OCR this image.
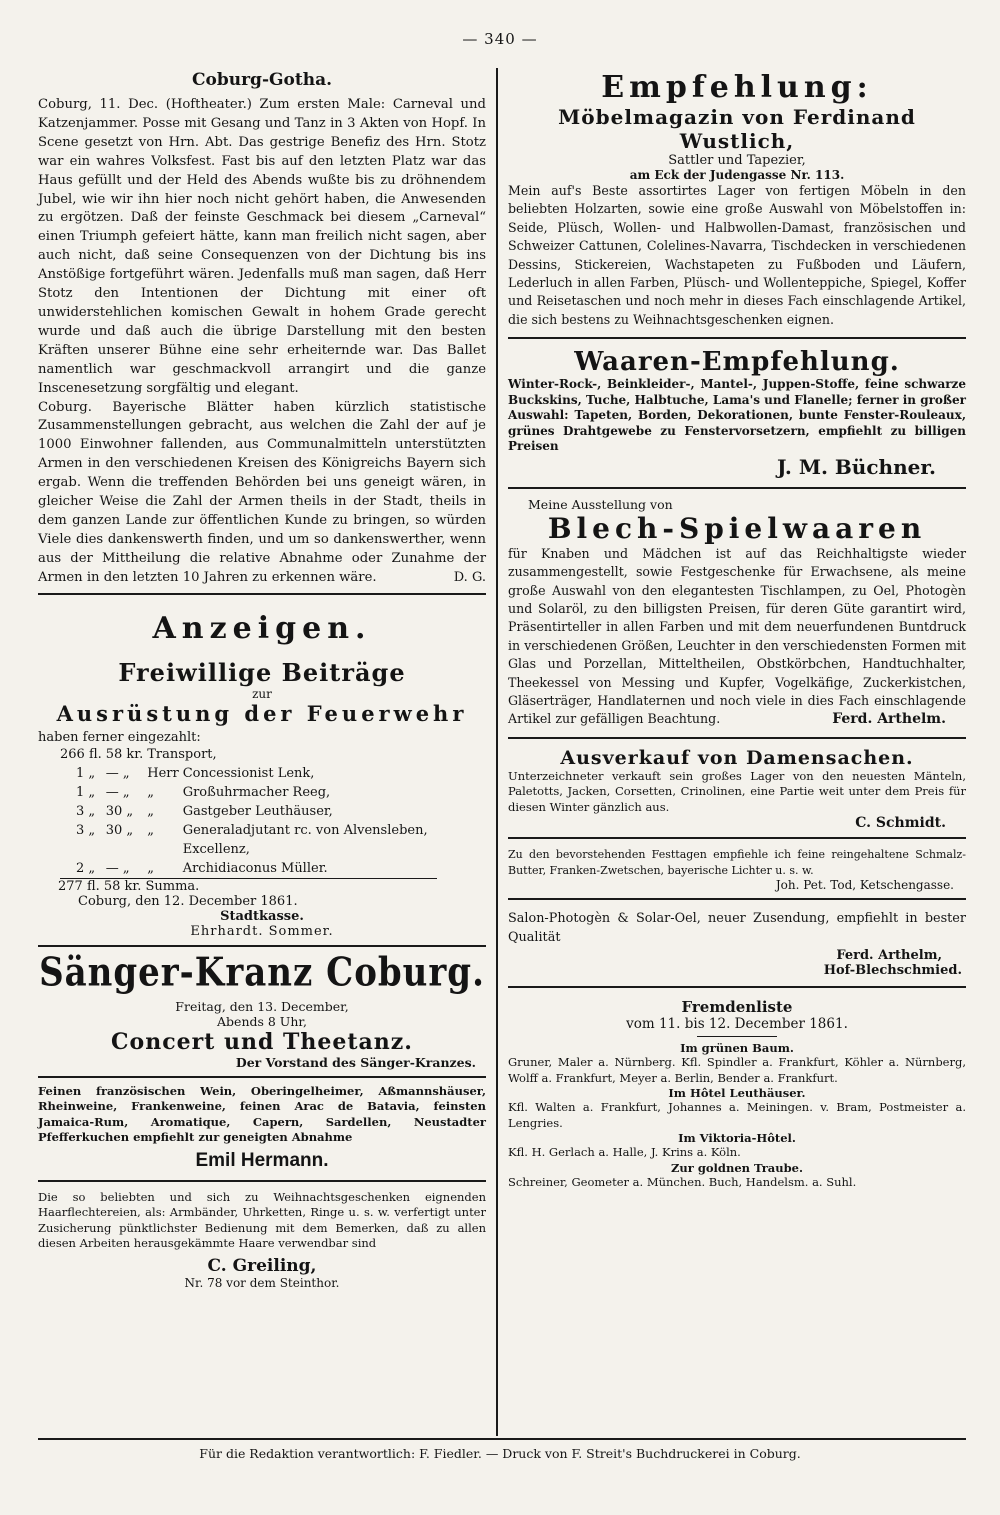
— 340 —
Coburg-Gotha.

Coburg, 11. Dec. (Hoftheater.) Zum ersten Male: Carneval und Katzenjammer. Posse mit Gesang und Tanz in 3 Akten von Hopf. In Scene gesetzt von Hrn. Abt. Das gestrige Benefiz des Hrn. Stotz war ein wahres Volksfest. Fast bis auf den letzten Platz war das Haus gefüllt und der Held des Abends wußte bis zu dröhnendem Jubel, wie wir ihn hier noch nicht gehört haben, die Anwesenden zu ergötzen. Daß der feinste Geschmack bei diesem „Carneval“ einen Triumph gefeiert hätte, kann man freilich nicht sagen, aber auch nicht, daß seine Consequenzen von der Dichtung bis ins Anstößige fortgeführt wären. Jedenfalls muß man sagen, daß Herr Stotz den Intentionen der Dichtung mit einer oft unwiderstehlichen komischen Gewalt in hohem Grade gerecht wurde und daß auch die übrige Darstellung mit den besten Kräften unserer Bühne eine sehr erheiternde war. Das Ballet namentlich war geschmackvoll arrangirt und die ganze Inscenesetzung sorgfältig und elegant.

Coburg. Bayerische Blätter haben kürzlich statistische Zusammenstellungen gebracht, aus welchen die Zahl der auf je 1000 Einwohner fallenden, aus Communalmitteln unterstützten Armen in den verschiedenen Kreisen des Königreichs Bayern sich ergab. Wenn die treffenden Behörden bei uns geneigt wären, in gleicher Weise die Zahl der Armen theils in der Stadt, theils in dem ganzen Lande zur öffentlichen Kunde zu bringen, so würden Viele dies dankenswerth finden, und um so dankenswerther, wenn aus der Mittheilung die relative Abnahme oder Zunahme der Armen in den letzten 10 Jahren zu erkennen wäre.	D. G.
Anzeigen.
Freiwillige Beiträge
zur
Ausrüstung der Feuerwehr
haben ferner eingezahlt:
266 fl.	58 kr.	Transport,	
1 „	— „	Herr	Concessionist Lenk,
1 „	— „	„	Großuhrmacher Reeg,
3 „	30 „	„	Gastgeber Leuthäuser,
3 „	30 „	„	Generaladjutant rc. von Alvensleben, Excellenz,
2 „	— „	„	Archidiaconus Müller.
277 fl. 58 kr. Summa.
Coburg, den 12. December 1861.
Stadtkasse.
Ehrhardt. Sommer.
Sänger-Kranz Coburg.
Freitag, den 13. December,
Abends 8 Uhr,
Concert und Theetanz.
Der Vorstand des Sänger-Kranzes.

Feinen französischen Wein, Oberingelheimer, Aßmannshäuser, Rheinweine, Frankenweine, feinen Arac de Batavia, feinsten Jamaica-Rum, Aromatique, Capern, Sardellen, Neustadter Pfefferkuchen empfiehlt zur geneigten Abnahme

Emil Hermann.

Die so beliebten und sich zu Weihnachtsgeschenken eignenden Haarflechtereien, als: Armbänder, Uhrketten, Ringe u. s. w. verfertigt unter Zusicherung pünktlichster Bedienung mit dem Bemerken, daß zu allen diesen Arbeiten herausgekämmte Haare verwendbar sind

C. Greiling,
Nr. 78 vor dem Steinthor.
Empfehlung:
Möbelmagazin von Ferdinand Wustlich,
Sattler und Tapezier,
am Eck der Judengasse Nr. 113.

Mein auf's Beste assortirtes Lager von fertigen Möbeln in den beliebten Holzarten, sowie eine große Auswahl von Möbelstoffen in: Seide, Plüsch, Wollen- und Halbwollen-Damast, französischen und Schweizer Cattunen, Colelines-Navarra, Tischdecken in verschiedenen Dessins, Stickereien, Wachstapeten zu Fußboden und Läufern, Lederluch in allen Farben, Plüsch- und Wollenteppiche, Spiegel, Koffer und Reisetaschen und noch mehr in dieses Fach einschlagende Artikel, die sich bestens zu Weihnachtsgeschenken eignen.

Waaren-Empfehlung.

Winter-Rock-, Beinkleider-, Mantel-, Juppen-Stoffe, feine schwarze Buckskins, Tuche, Halbtuche, Lama's und Flanelle; ferner in großer Auswahl: Tapeten, Borden, Dekorationen, bunte Fenster-Rouleaux, grünes Drahtgewebe zu Fenstervorsetzern, empfiehlt zu billigen Preisen

J. M. Büchner.
Meine Ausstellung von
Blech-Spielwaaren

für Knaben und Mädchen ist auf das Reichhaltigste wieder zusammengestellt, sowie Festgeschenke für Erwachsene, als meine große Auswahl von den elegantesten Tischlampen, zu Oel, Photogèn und Solaröl, zu den billigsten Preisen, für deren Güte garantirt wird, Präsentirteller in allen Farben und mit dem neuerfundenen Buntdruck in verschiedenen Größen, Leuchter in den verschiedensten Formen mit Glas und Porzellan, Mitteltheilen, Obstkörbchen, Handtuchhalter, Theekessel von Messing und Kupfer, Vogelkäfige, Zuckerkistchen, Gläserträger, Handlaternen und noch viele in dies Fach einschlagende Artikel zur gefälligen Beachtung.	Ferd. Arthelm.
Ausverkauf von Damensachen.

Unterzeichneter verkauft sein großes Lager von den neuesten Mänteln, Paletotts, Jacken, Corsetten, Crinolinen, eine Partie weit unter dem Preis für diesen Winter gänzlich aus.

C. Schmidt.

Zu den bevorstehenden Festtagen empfiehle ich feine reingehaltene Schmalz-Butter, Franken-Zwetschen, bayerische Lichter u. s. w.

Joh. Pet. Tod, Ketschengasse.

Salon-Photogèn & Solar-Oel, neuer Zusendung, empfiehlt in bester Qualität

Ferd. Arthelm,
Hof-Blechschmied.
Fremdenliste
vom 11. bis 12. December 1861.
Im grünen Baum.

Gruner, Maler a. Nürnberg. Kfl. Spindler a. Frankfurt, Köhler a. Nürnberg, Wolff a. Frankfurt, Meyer a. Berlin, Bender a. Frankfurt.

Im Hôtel Leuthäuser.

Kfl. Walten a. Frankfurt, Johannes a. Meiningen. v. Bram, Postmeister a. Lengries.

Im Viktoria-Hôtel.

Kfl. H. Gerlach a. Halle, J. Krins a. Köln.

Zur goldnen Traube.

Schreiner, Geometer a. München. Buch, Handelsm. a. Suhl.

Für die Redaktion verantwortlich: F. Fiedler. — Druck von F. Streit's Buchdruckerei in Coburg.
